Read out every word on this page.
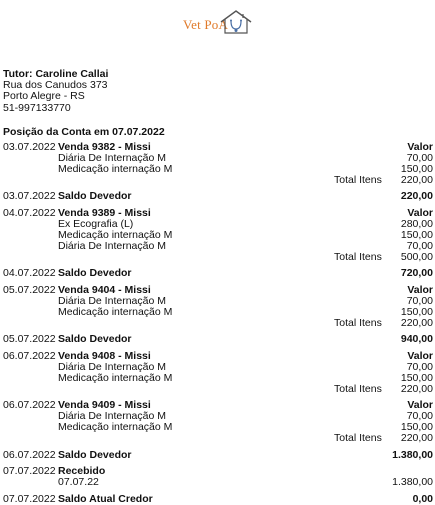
Vet PoA
Tutor: Caroline Callai
Rua dos Canudos 373
Porto Alegre - RS
51-997133770
Posição da Conta em 07.07.2022
03.07.2022 Venda 9382 - Missi	Valor
Diária De Internação M	70,00
Medicação internação M	150,00
Total Itens 220,00
03.07.2022 Saldo Devedor	220,00
04.07.2022 Venda 9389 - Missi	Valor
Ex Ecografia (L)	280,00
Medicação internação M	150,00
Diária De Internação M	70,00
Total Itens 500,00
04.07.2022 Saldo Devedor	720,00
05.07.2022 Venda 9404 - Missi	Valor
Diária De Internação M	70,00
Medicação internação M	150,00
Total Itens 220,00
05.07.2022 Saldo Devedor	940,00
06.07.2022 Venda 9408 - Missi	Valor
Diária De Internação M	70,00
Medicação internação M	150,00
Total Itens 220,00
06.07.2022 Venda 9409 - Missi	Valor
Diária De Internação M	70,00
Medicação internação M	150,00
Total Itens 220,00
06.07.2022 Saldo Devedor	1.380,00
07.07.2022 Recebido
07.07.22	1.380,00
07.07.2022 Saldo Atual Credor	0,00
